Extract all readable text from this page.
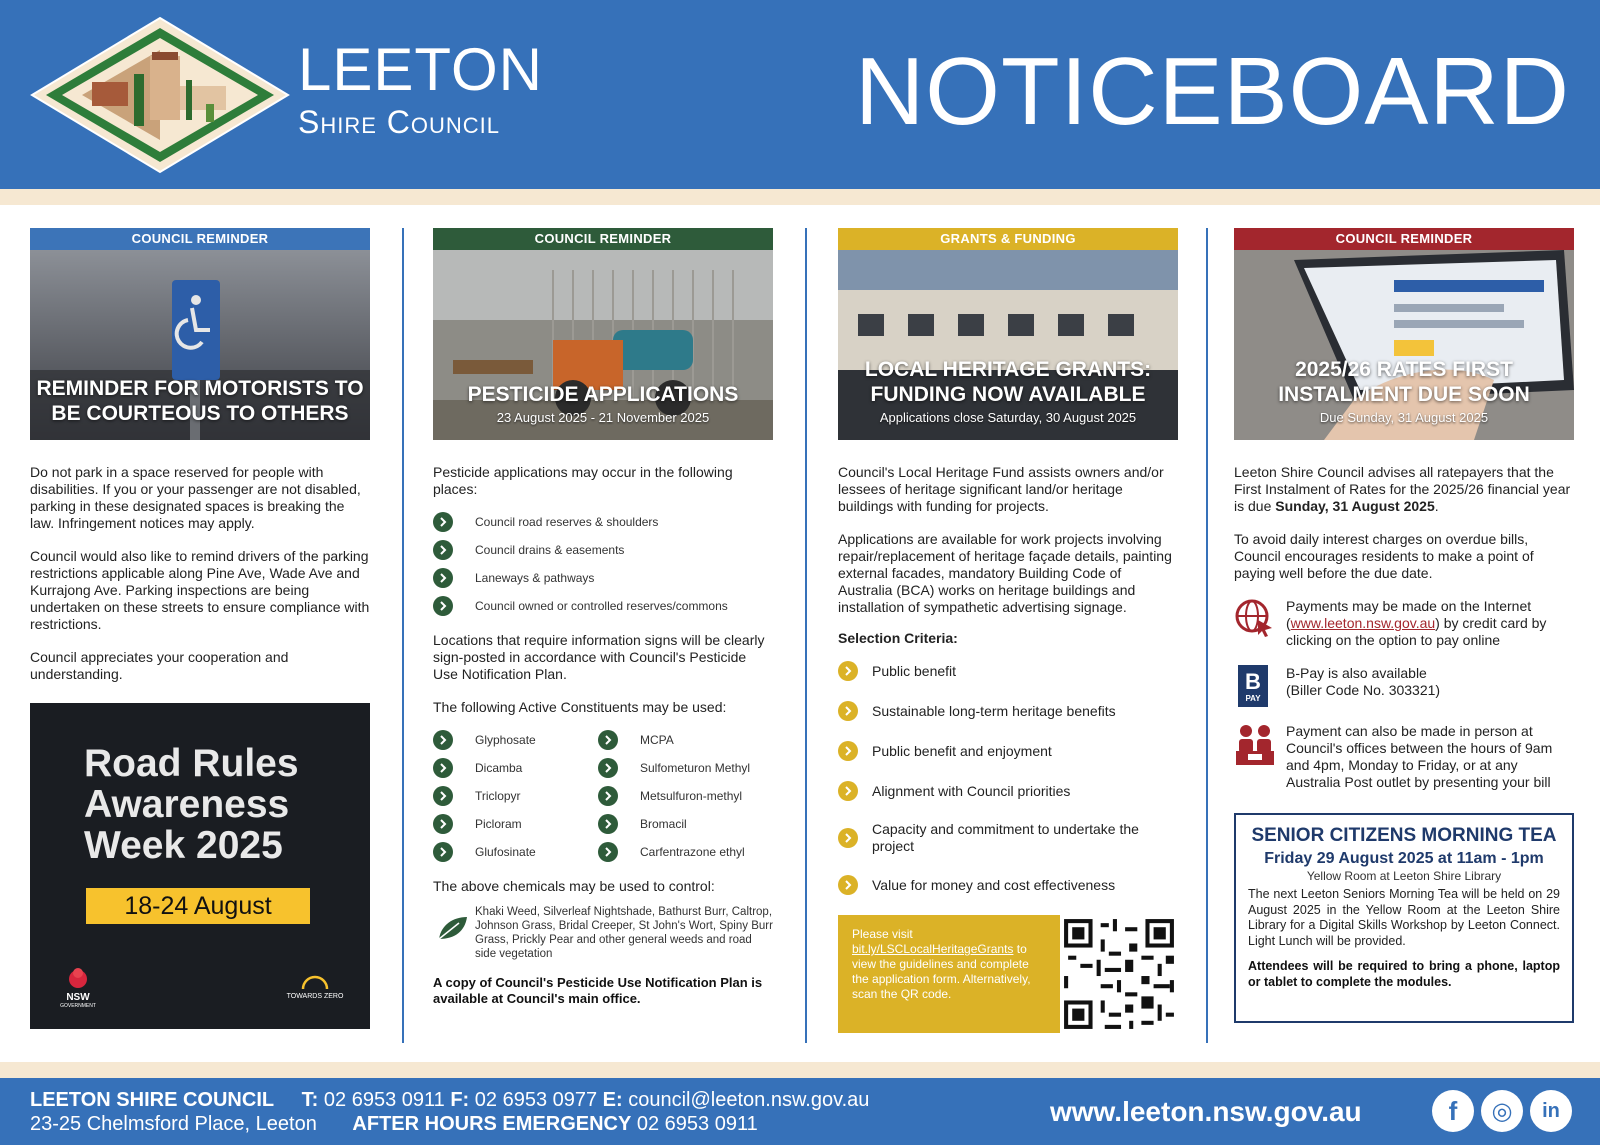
LEETON
Shire Council	NOTICEBOARD
COUNCIL REMINDER
REMINDER FOR MOTORISTS TO BE COURTEOUS TO OTHERS

Do not park in a space reserved for people with disabilities. If you or your passenger are not disabled, parking in these designated spaces is breaking the law. Infringement notices may apply.

Council would also like to remind drivers of the parking restrictions applicable along Pine Ave, Wade Ave and Kurrajong Ave. Parking inspections are being undertaken on these streets to ensure compliance with restrictions.

Council appreciates your cooperation and understanding.

Road Rules Awareness Week 2025
18-24 August
NSW
GOVERNMENT
TOWARDS ZERO
COUNCIL REMINDER
PESTICIDE APPLICATIONS
23 August 2025 - 21 November 2025

Pesticide applications may occur in the following places:

Council road reserves & shoulders
Council drains & easements
Laneways & pathways
Council owned or controlled reserves/commons

Locations that require information signs will be clearly sign-posted in accordance with Council's Pesticide Use Notification Plan.

The following Active Constituents may be used:

Glyphosate
Dicamba
Triclopyr
Picloram
Glufosinate
MCPA
Sulfometuron Methyl
Metsulfuron-methyl
Bromacil
Carfentrazone ethyl

The above chemicals may be used to control:

Khaki Weed, Silverleaf Nightshade, Bathurst Burr, Caltrop, Johnson Grass, Bridal Creeper, St John's Wort, Spiny Burr Grass, Prickly Pear and other general weeds and road side vegetation
A copy of Council's Pesticide Use Notification Plan is available at Council's main office.
GRANTS & FUNDING
LOCAL HERITAGE GRANTS: FUNDING NOW AVAILABLE
Applications close Saturday, 30 August 2025

Council's Local Heritage Fund assists owners and/or lessees of heritage significant land/or heritage buildings with funding for projects.

Applications are available for work projects involving repair/replacement of heritage façade details, painting external facades, mandatory Building Code of Australia (BCA) works on heritage buildings and installation of sympathetic advertising signage.

Selection Criteria:

Public benefit
Sustainable long-term heritage benefits
Public benefit and enjoyment
Alignment with Council priorities
Capacity and commitment to undertake the project
Value for money and cost effectiveness
Please visit bit.ly/LSCLocalHeritageGrants to view the guidelines and complete the application form. Alternatively, scan the QR code.
COUNCIL REMINDER
2025/26 RATES FIRST INSTALMENT DUE SOON
Due Sunday, 31 August 2025

Leeton Shire Council advises all ratepayers that the First Instalment of Rates for the 2025/26 financial year is due Sunday, 31 August 2025.

To avoid daily interest charges on overdue bills, Council encourages residents to make a point of paying well before the due date.

Payments may be made on the Internet (www.leeton.nsw.gov.au) by credit card by clicking on the option to pay online
B
PAY
B-Pay is also available
(Biller Code No. 303321)
Payment can also be made in person at Council's offices between the hours of 9am and 4pm, Monday to Friday, or at any Australia Post outlet by presenting your bill
SENIOR CITIZENS MORNING TEA
Friday 29 August 2025 at 11am - 1pm
Yellow Room at Leeton Shire Library
The next Leeton Seniors Morning Tea will be held on 29 August 2025 in the Yellow Room at the Leeton Shire Library for a Digital Skills Workshop by Leeton Connect. Light Lunch will be provided.
Attendees will be required to bring a phone, laptop or tablet to complete the modules.
LEETON SHIRE COUNCIL T: 02 6953 0911 F: 02 6953 0977 E: council@leeton.nsw.gov.au
23-25 Chelmsford Place, Leeton AFTER HOURS EMERGENCY 02 6953 0911	www.leeton.nsw.gov.au	f	◎	in
